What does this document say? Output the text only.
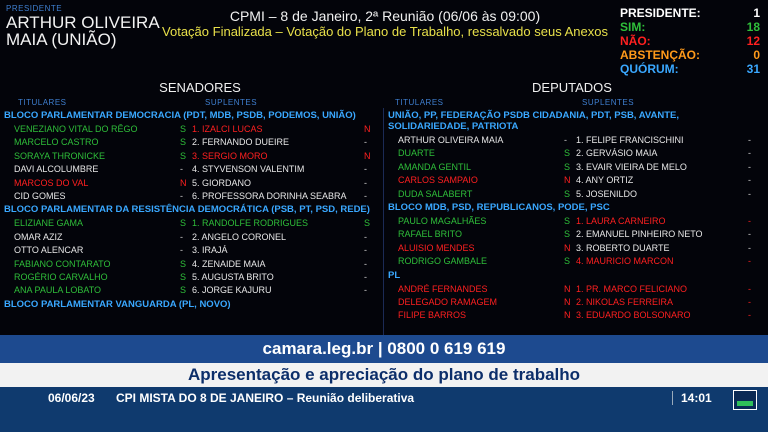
PRESIDENTE
ARTHUR OLIVEIRA
MAIA (UNIÃO)
CPMI – 8 de Janeiro, 2ª Reunião (06/06 às 09:00)
Votação Finalizada – Votação do Plano de Trabalho, ressalvado seus Anexos
PRESIDENTE:	1
SIM:	18
NÃO:	12
ABSTENÇÃO:	0
QUÓRUM:	31
SENADORES	DEPUTADOS
TITULARES	SUPLENTES	TITULARES	SUPLENTES
BLOCO PARLAMENTAR DEMOCRACIA (PDT, MDB, PSDB, PODEMOS, UNIÃO)
VENEZIANO VITAL DO RÊGO	S 1. IZALCI LUCAS	N
MARCELO CASTRO	S 2. FERNANDO DUEIRE	-
SORAYA THRONICKE	S 3. SERGIO MORO	N
DAVI ALCOLUMBRE	- 4. STYVENSON VALENTIM	-
MARCOS DO VAL	N 5. GIORDANO	-
CID GOMES	- 6. PROFESSORA DORINHA SEABRA -
BLOCO PARLAMENTAR DA RESISTÊNCIA DEMOCRÁTICA (PSB, PT, PSD, REDE)
ELIZIANE GAMA	S 1. RANDOLFE RODRIGUES	S
OMAR AZIZ	- 2. ANGELO CORONEL	-
OTTO ALENCAR	- 3. IRAJÁ	-
FABIANO CONTARATO	S 4. ZENAIDE MAIA	-
ROGÉRIO CARVALHO	S 5. AUGUSTA BRITO	-
ANA PAULA LOBATO	S 6. JORGE KAJURU	-
BLOCO PARLAMENTAR VANGUARDA (PL, NOVO)
UNIÃO, PP, FEDERAÇÃO PSDB CIDADANIA, PDT, PSB, AVANTE, SOLIDARIEDADE, PATRIOTA
ARTHUR OLIVEIRA MAIA	- 1. FELIPE FRANCISCHINI	-
DUARTE	S 2. GERVÁSIO MAIA	-
AMANDA GENTIL	S 3. EVAIR VIEIRA DE MELO	-
CARLOS SAMPAIO	N 4. ANY ORTIZ	-
DUDA SALABERT	S 5. JOSENILDO	-
BLOCO MDB, PSD, REPUBLICANOS, PODE, PSC
PAULO MAGALHÃES	S 1. LAURA CARNEIRO	-
RAFAEL BRITO	S 2. EMANUEL PINHEIRO NETO	-
ALUISIO MENDES	N 3. ROBERTO DUARTE	-
RODRIGO GAMBALE	S 4. MAURICIO MARCON	-
PL
ANDRÉ FERNANDES	N 1. PR. MARCO FELICIANO	-
DELEGADO RAMAGEM	N 2. NIKOLAS FERREIRA	-
FILIPE BARROS	N 3. EDUARDO BOLSONARO	-
camara.leg.br | 0800 0 619 619
Apresentação e apreciação do plano de trabalho
06/06/23 CPI MISTA DO 8 DE JANEIRO – Reunião deliberativa	14:01
